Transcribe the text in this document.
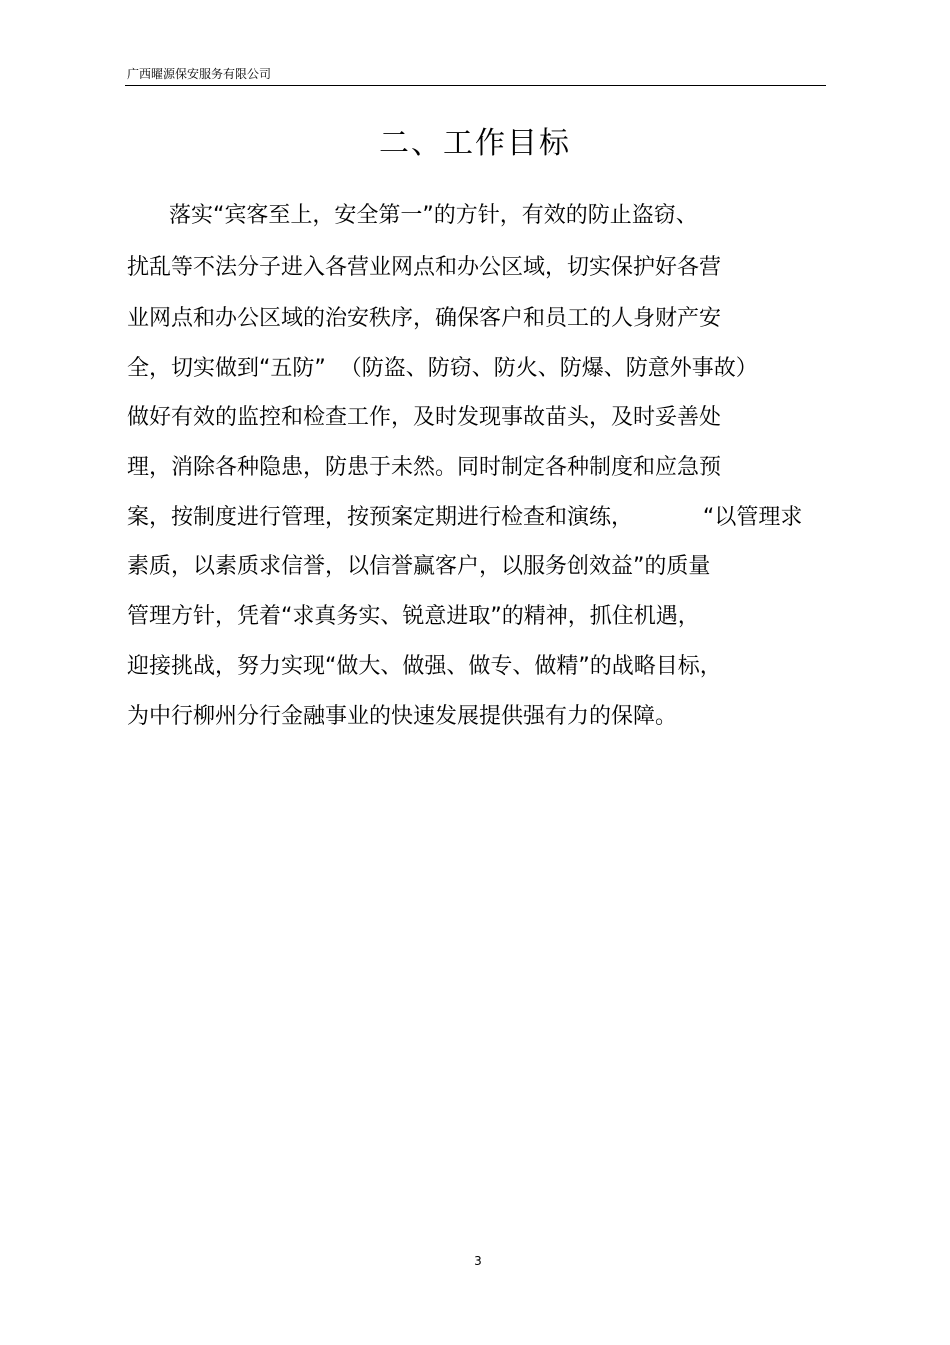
广西曜源保安服务有限公司
二、工作目标
落实“宾客至上，安全第一”的方针，有效的防止盗窃、
扰乱等不法分子进入各营业网点和办公区域，切实保护好各营
业网点和办公区域的治安秩序，确保客户和员工的人身财产安
全，切实做到“五防”  （防盗、防窃、防火、防爆、防意外事故）
做好有效的监控和检查工作，及时发现事故苗头，及时妥善处
理，消除各种隐患，防患于未然。同时制定各种制度和应急预
案，按制度进行管理，按预案定期进行检查和演练，          “以管理求
素质，以素质求信誉，以信誉赢客户，以服务创效益”的质量
管理方针，凭着“求真务实、锐意进取”的精神，抓住机遇，
迎接挑战，努力实现“做大、做强、做专、做精”的战略目标，
为中行柳州分行金融事业的快速发展提供强有力的保障。
3
